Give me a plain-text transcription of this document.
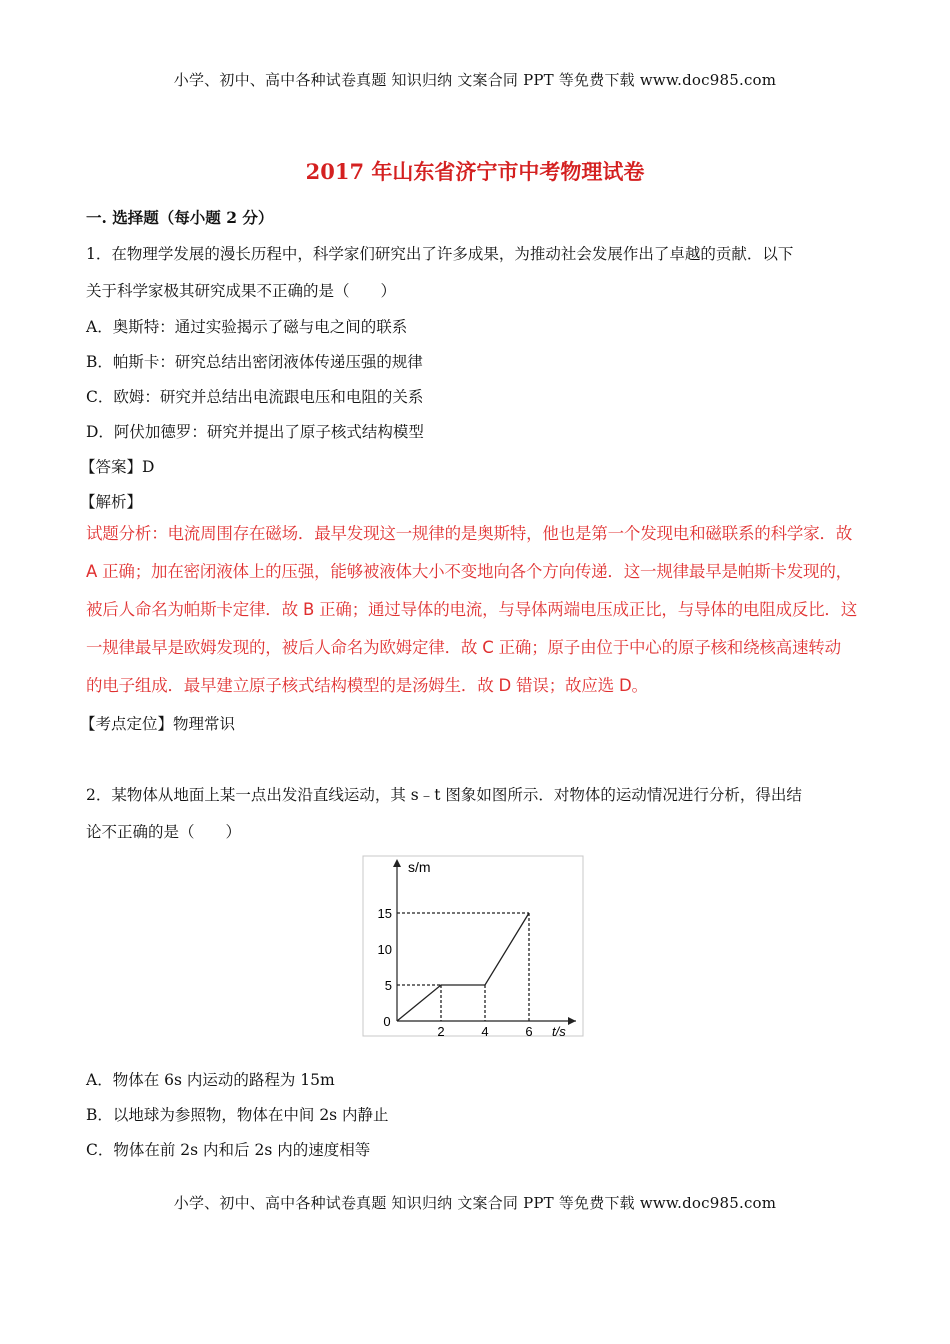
小学、初中、高中各种试卷真题 知识归纳 文案合同 PPT 等免费下载 www.doc985.com
2017 年山东省济宁市中考物理试卷
一. 选择题（每小题 2 分）
1．在物理学发展的漫长历程中，科学家们研究出了许多成果，为推动社会发展作出了卓越的贡献．以下
关于科学家极其研究成果不正确的是（　　）
A．奥斯特：通过实验揭示了磁与电之间的联系
B．帕斯卡：研究总结出密闭液体传递压强的规律
C．欧姆：研究并总结出电流跟电压和电阻的关系
D．阿伏加德罗：研究并提出了原子核式结构模型
【答案】D
【解析】
试题分析：电流周围存在磁场．最早发现这一规律的是奥斯特，他也是第一个发现电和磁联系的科学家．故
A 正确；加在密闭液体上的压强，能够被液体大小不变地向各个方向传递．这一规律最早是帕斯卡发现的，
被后人命名为帕斯卡定律．故 B 正确；通过导体的电流，与导体两端电压成正比，与导体的电阻成反比．这
一规律最早是欧姆发现的，被后人命名为欧姆定律．故 C 正确；原子由位于中心的原子核和绕核高速转动
的电子组成．最早建立原子核式结构模型的是汤姆生．故 D 错误；故应选 D。
【考点定位】物理常识
2．某物体从地面上某一点出发沿直线运动，其 s﹣t 图象如图所示．对物体的运动情况进行分析，得出结
论不正确的是（　　）
s/m
t/s
0
2	4	6
5
10
15
A．物体在 6s 内运动的路程为 15m
B．以地球为参照物，物体在中间 2s 内静止
C．物体在前 2s 内和后 2s 内的速度相等
小学、初中、高中各种试卷真题 知识归纳 文案合同 PPT 等免费下载 www.doc985.com
